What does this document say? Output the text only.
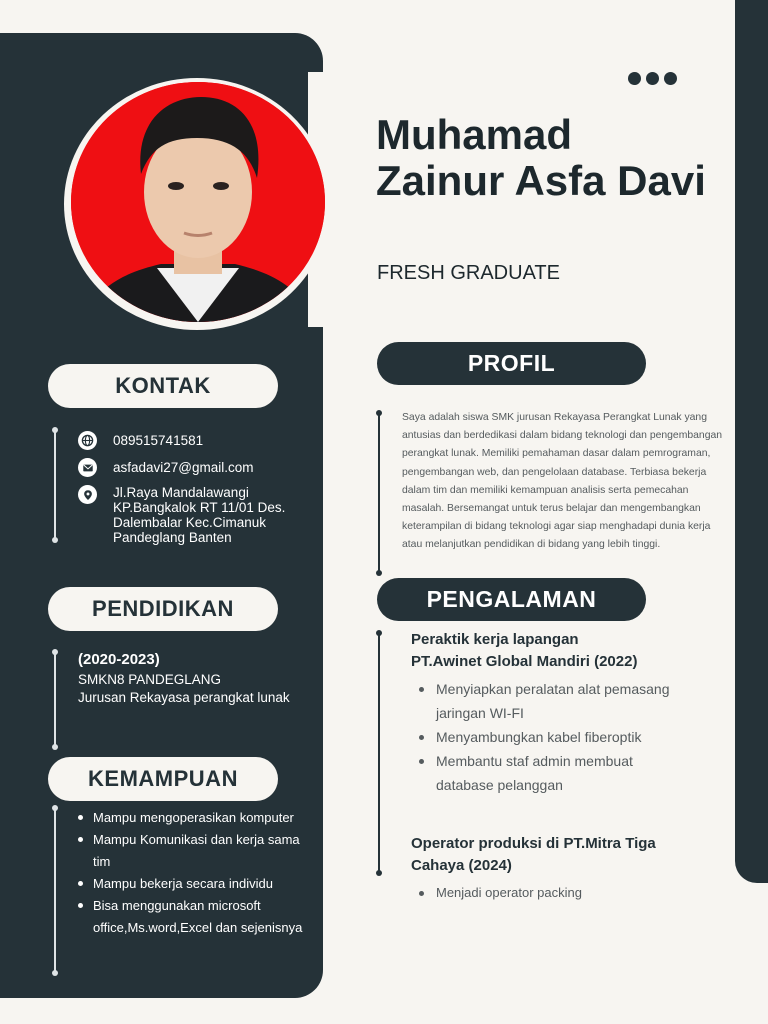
Muhamad Zainur Asfa Davi
FRESH GRADUATE
KONTAK
089515741581
asfadavi27@gmail.com
Jl.Raya Mandalawangi
KP.Bangkalok RT 11/01 Des.
Dalembalar Kec.Cimanuk
Pandeglang Banten
PENDIDIKAN
(2020-2023)
SMKN8 PANDEGLANG
Jurusan Rekayasa perangkat lunak
KEMAMPUAN
Mampu mengoperasikan komputer
Mampu Komunikasi dan kerja sama tim
Mampu bekerja secara individu
Bisa menggunakan microsoft office,Ms.word,Excel dan sejenisnya
PROFIL

Saya adalah siswa SMK jurusan Rekayasa Perangkat Lunak yang antusias dan berdedikasi dalam bidang teknologi dan pengembangan perangkat lunak. Memiliki pemahaman dasar dalam pemrograman, pengembangan web, dan pengelolaan database. Terbiasa bekerja dalam tim dan memiliki kemampuan analisis serta pemecahan masalah. Bersemangat untuk terus belajar dan mengembangkan keterampilan di bidang teknologi agar siap menghadapi dunia kerja atau melanjutkan pendidikan di bidang yang lebih tinggi.

PENGALAMAN
Peraktik kerja lapangan PT.Awinet Global Mandiri (2022)
Menyiapkan peralatan alat pemasang jaringan WI-FI
Menyambungkan kabel fiberoptik
Membantu staf admin membuat database pelanggan
Operator produksi di PT.Mitra Tiga Cahaya (2024)
Menjadi operator packing
